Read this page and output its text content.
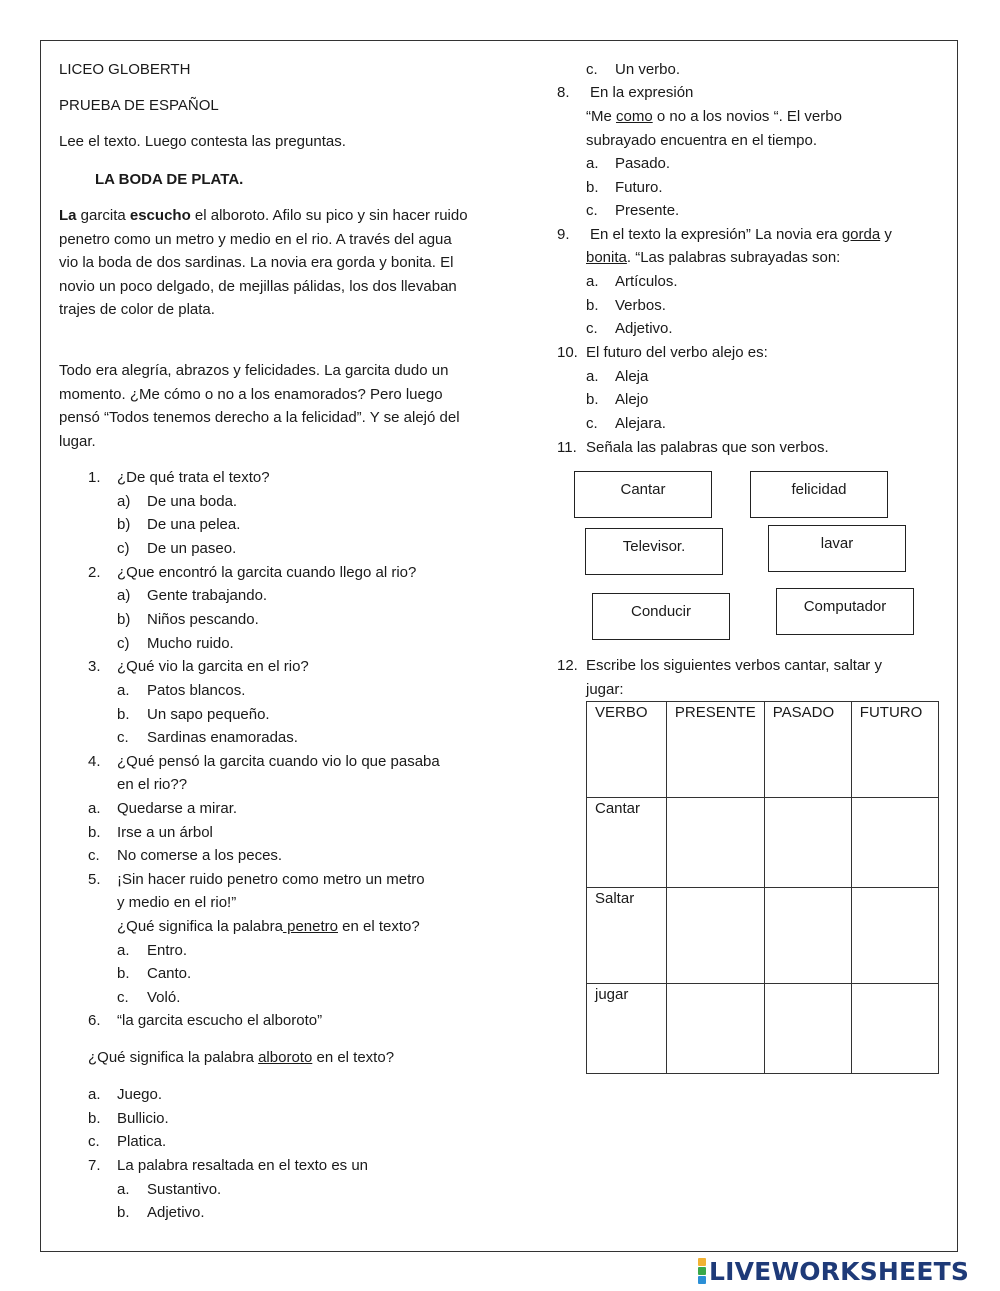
LICEO GLOBERTH
PRUEBA DE ESPAÑOL
Lee el texto. Luego contesta las preguntas.
LA BODA DE PLATA.
La garcita escucho el alboroto. Afilo su pico y sin hacer ruido penetro como un metro y medio en el rio. A través del agua vio la boda de dos sardinas. La novia era gorda y bonita. El novio un poco delgado, de mejillas pálidas, los dos llevaban trajes de color de plata.
Todo era alegría, abrazos y felicidades. La garcita dudo un momento. ¿Me cómo o no a los enamorados? Pero luego pensó “Todos tenemos derecho a la felicidad”. Y se alejó del lugar.
1. ¿De qué trata el texto?
a) De una boda.
b) De una pelea.
c) De un paseo.
2. ¿Que encontró la garcita cuando llego al rio?
a) Gente trabajando.
b) Niños pescando.
c) Mucho ruido.
3. ¿Qué vio la garcita en el rio?
a. Patos blancos.
b. Un sapo pequeño.
c. Sardinas enamoradas.
4. ¿Qué pensó la garcita cuando vio lo que pasaba
en el rio??
a. Quedarse a mirar.
b. Irse a un árbol
c. No comerse a los peces.
5. ¡Sin hacer ruido penetro como metro un metro
y medio en el rio!”
¿Qué significa la palabra penetro en el texto?
a. Entro.
b. Canto.
c. Voló.
6. “la garcita escucho el alboroto”
¿Qué significa la palabra alboroto en el texto?
a. Juego.
b. Bullicio.
c. Platica.
7. La palabra resaltada en el texto es un
a. Sustantivo.
b. Adjetivo.
c. Un verbo.
8. En la expresión
“Me como o no a los novios “. El verbo
subrayado encuentra en el tiempo.
a. Pasado.
b. Futuro.
c. Presente.
9. En el texto la expresión” La novia era gorda y
bonita. “Las palabras subrayadas son:
a. Artículos.
b. Verbos.
c. Adjetivo.
10. El futuro del verbo alejo es:
a. Aleja
b. Alejo
c. Alejara.
11. Señala las palabras que son verbos.
Cantar	felicidad
Televisor.	lavar
Conducir	Computador
12. Escribe los siguientes verbos cantar, saltar y
jugar:
VERBO	PRESENTE	PASADO	FUTURO
Cantar			
Saltar			
jugar			
LIVEWORKSHEETS
